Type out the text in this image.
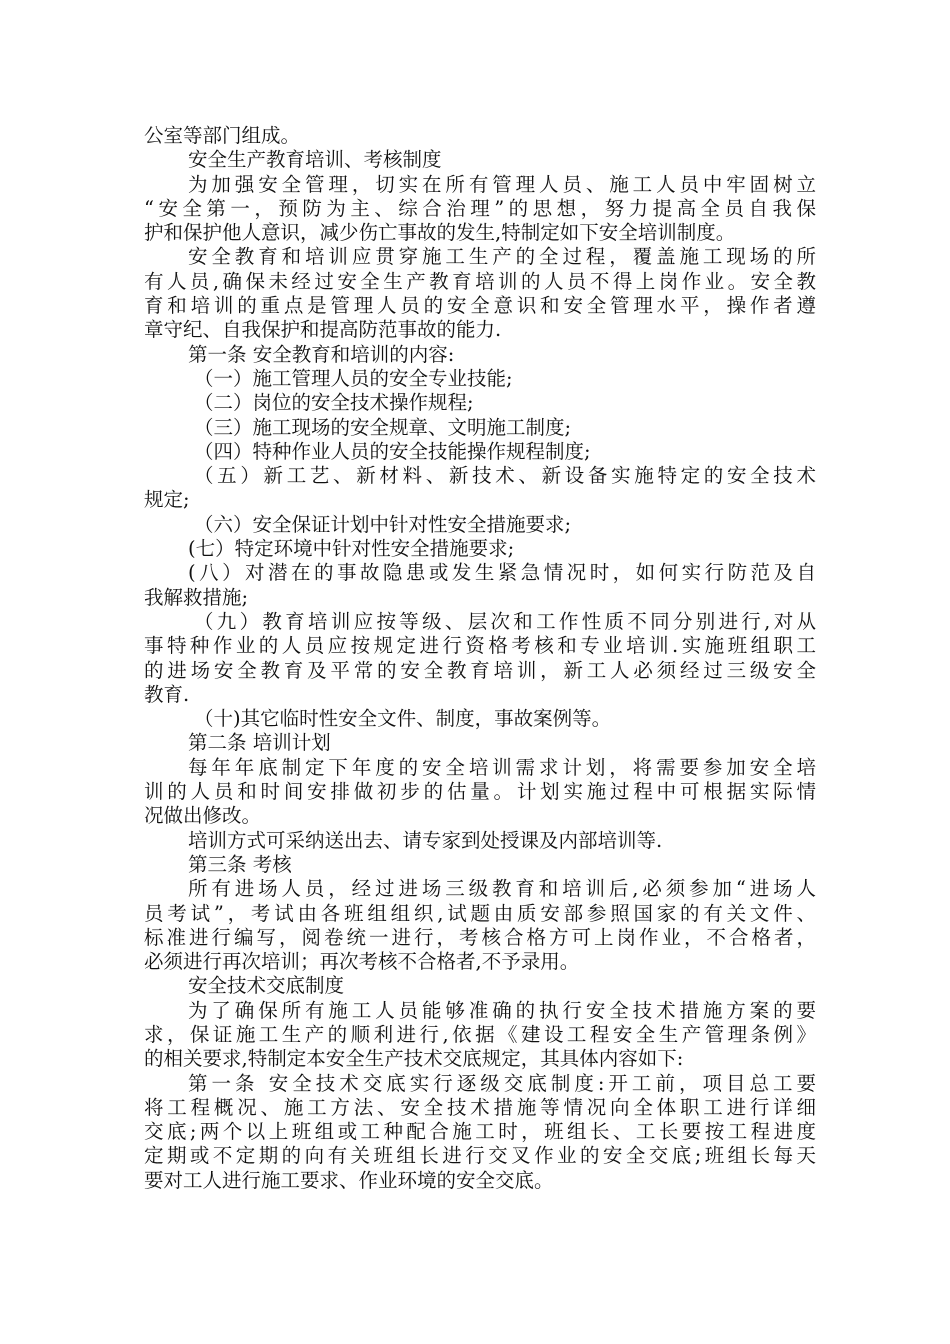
公室等部门组成。
安全生产教育培训、考核制度
为加强安全管理，切实在所有管理人员、施工人员中牢固树立
“安全第一，预防为主、综合治理”的思想，努力提高全员自我保
护和保护他人意识，减少伤亡事故的发生,特制定如下安全培训制度。
安全教育和培训应贯穿施工生产的全过程，覆盖施工现场的所
有人员,确保未经过安全生产教育培训的人员不得上岗作业。安全教
育和培训的重点是管理人员的安全意识和安全管理水平，操作者遵
章守纪、自我保护和提高防范事故的能力.
第一条 安全教育和培训的内容:
（一）施工管理人员的安全专业技能;
（二）岗位的安全技术操作规程;
（三）施工现场的安全规章、文明施工制度;
（四）特种作业人员的安全技能操作规程制度;
（五）新工艺、新材料、新技术、新设备实施特定的安全技术
规定;
（六）安全保证计划中针对性安全措施要求;
(七）特定环境中针对性安全措施要求;
(八）对潜在的事故隐患或发生紧急情况时，如何实行防范及自
我解救措施;
（九）教育培训应按等级、层次和工作性质不同分别进行,对从
事特种作业的人员应按规定进行资格考核和专业培训.实施班组职工
的进场安全教育及平常的安全教育培训，新工人必须经过三级安全
教育.
（十)其它临时性安全文件、制度，事故案例等。
第二条 培训计划
每年年底制定下年度的安全培训需求计划，将需要参加安全培
训的人员和时间安排做初步的估量。计划实施过程中可根据实际情
况做出修改。
培训方式可采纳送出去、请专家到处授课及内部培训等.
第三条 考核
所有进场人员，经过进场三级教育和培训后,必须参加“进场人
员考试”，考试由各班组组织,试题由质安部参照国家的有关文件、
标准进行编写，阅卷统一进行，考核合格方可上岗作业，不合格者，
必须进行再次培训；再次考核不合格者,不予录用。
安全技术交底制度
为了确保所有施工人员能够准确的执行安全技术措施方案的要
求，保证施工生产的顺利进行,依据《建设工程安全生产管理条例》
的相关要求,特制定本安全生产技术交底规定，其具体内容如下:
第一条 安全技术交底实行逐级交底制度:开工前，项目总工要
将工程概况、施工方法、安全技术措施等情况向全体职工进行详细
交底;两个以上班组或工种配合施工时，班组长、工长要按工程进度
定期或不定期的向有关班组长进行交叉作业的安全交底;班组长每天
要对工人进行施工要求、作业环境的安全交底。
